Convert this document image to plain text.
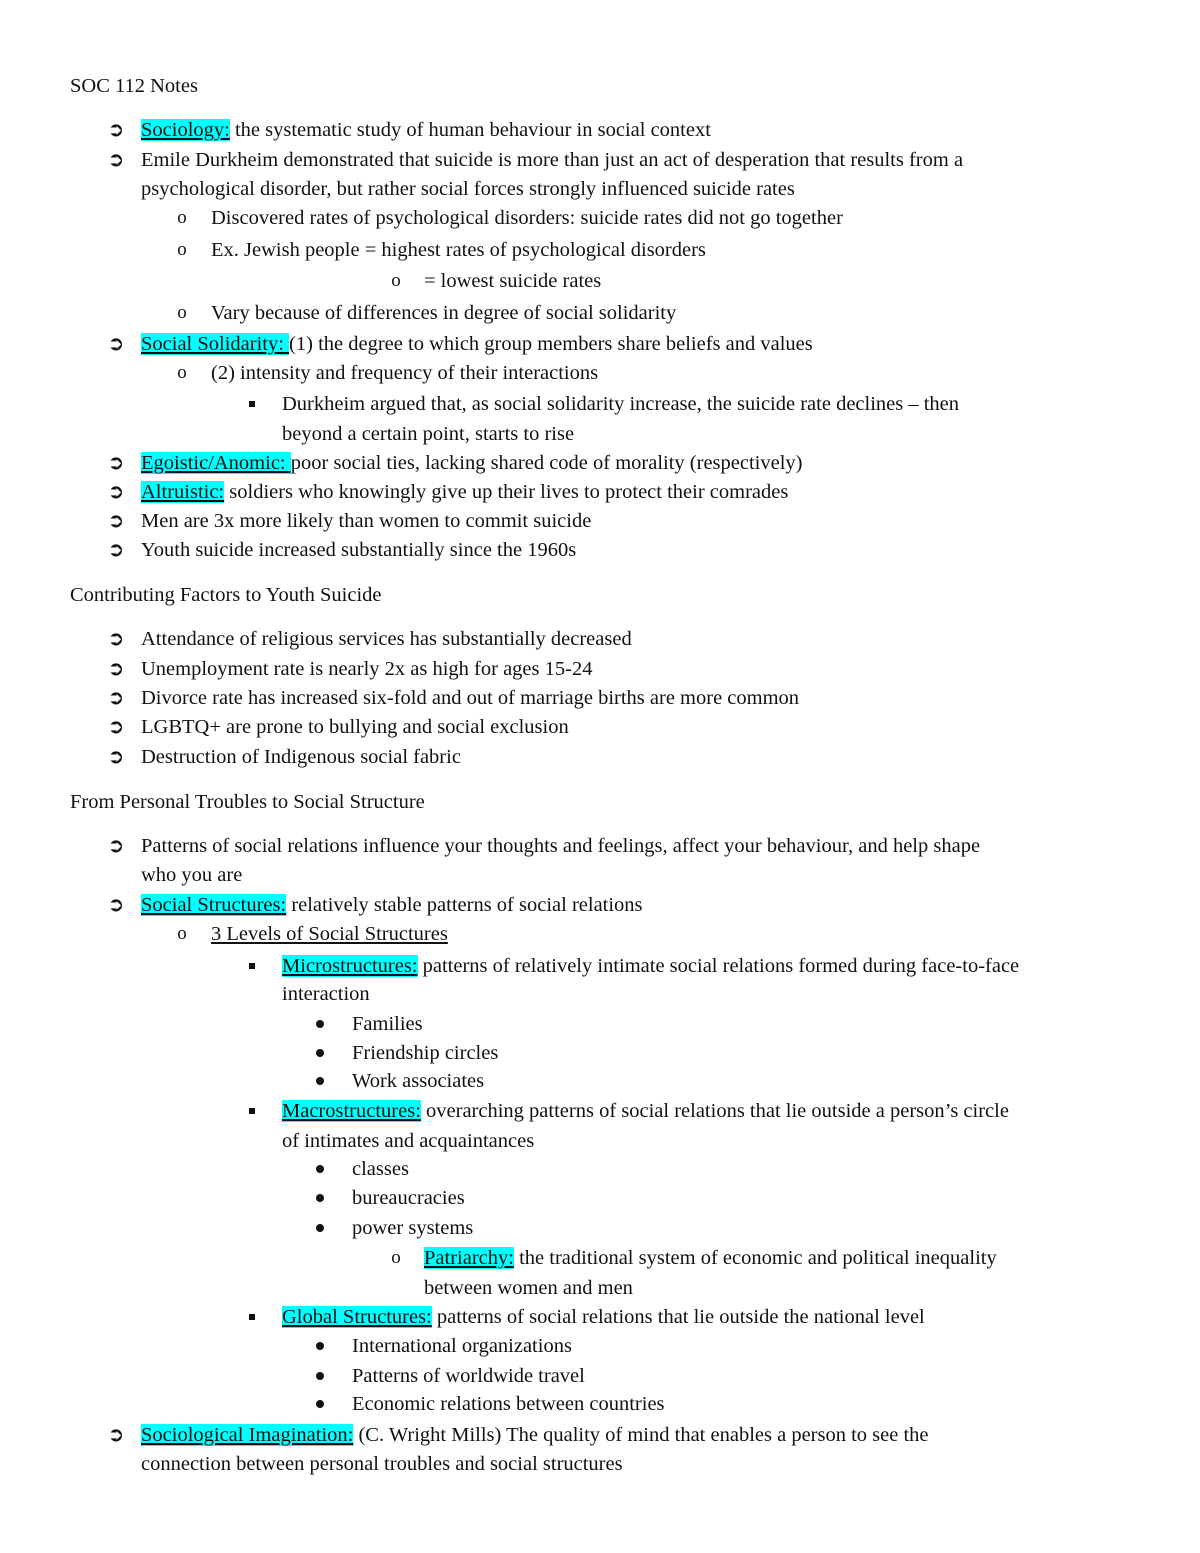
SOC 112 Notes
➲ Sociology: the systematic study of human behaviour in social context
➲ Emile Durkheim demonstrated that suicide is more than just an act of desperation that results from a
psychological disorder, but rather social forces strongly influenced suicide rates
o Discovered rates of psychological disorders: suicide rates did not go together
o Ex. Jewish people = highest rates of psychological disorders
o = lowest suicide rates
o Vary because of differences in degree of social solidarity
➲ Social Solidarity: (1) the degree to which group members share beliefs and values
o (2) intensity and frequency of their interactions
Durkheim argued that, as social solidarity increase, the suicide rate declines – then
beyond a certain point, starts to rise
➲ Egoistic/Anomic: poor social ties, lacking shared code of morality (respectively)
➲ Altruistic: soldiers who knowingly give up their lives to protect their comrades
➲ Men are 3x more likely than women to commit suicide
➲ Youth suicide increased substantially since the 1960s
Contributing Factors to Youth Suicide
➲ Attendance of religious services has substantially decreased
➲ Unemployment rate is nearly 2x as high for ages 15-24
➲ Divorce rate has increased six-fold and out of marriage births are more common
➲ LGBTQ+ are prone to bullying and social exclusion
➲ Destruction of Indigenous social fabric
From Personal Troubles to Social Structure
➲ Patterns of social relations influence your thoughts and feelings, affect your behaviour, and help shape
who you are
➲ Social Structures: relatively stable patterns of social relations
o 3 Levels of Social Structures
Microstructures: patterns of relatively intimate social relations formed during face-to-face
interaction
Families
Friendship circles
Work associates
Macrostructures: overarching patterns of social relations that lie outside a person’s circle
of intimates and acquaintances
classes
bureaucracies
power systems
o Patriarchy: the traditional system of economic and political inequality
between women and men
Global Structures: patterns of social relations that lie outside the national level
International organizations
Patterns of worldwide travel
Economic relations between countries
➲ Sociological Imagination: (C. Wright Mills) The quality of mind that enables a person to see the
connection between personal troubles and social structures
